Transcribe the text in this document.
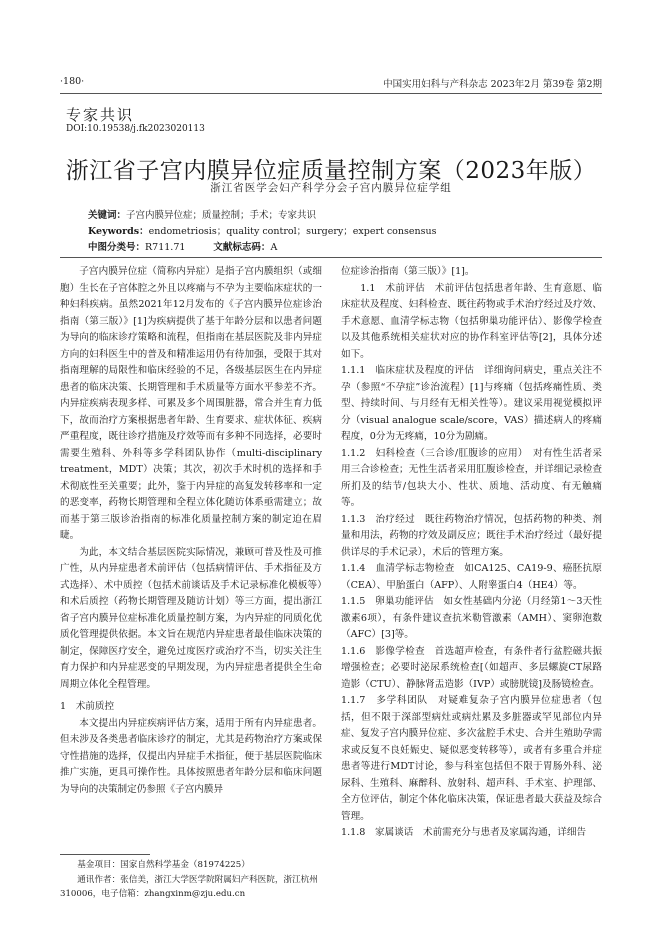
·180·	中国实用妇科与产科杂志 2023年2月 第39卷 第2期
专家共识
DOI:10.19538/j.fk2023020113
浙江省子宫内膜异位症质量控制方案（2023年版）
浙江省医学会妇产科学分会子宫内膜异位症学组
关键词：子宫内膜异位症；质量控制；手术；专家共识
Keywords：endometriosis；quality control；surgery；expert consensus
中图分类号：R711.71	文献标志码：A

子宫内膜异位症（简称内异症）是指子宫内膜组织（或细胞）生长在子宫体腔之外且以疼痛与不孕为主要临床症状的一种妇科疾病。虽然2021年12月发布的《子宫内膜异位症诊治指南（第三版）》[1]为疾病提供了基于年龄分层和以患者问题为导向的临床诊疗策略和流程，但指南在基层医院及非内异症方向的妇科医生中的普及和精准运用仍有待加强，受限于其对指南理解的局限性和临床经验的不足，各级基层医生在内异症患者的临床决策、长期管理和手术质量等方面水平参差不齐。内异症疾病表现多样、可累及多个周围脏器，常合并生育力低下，故而治疗方案根据患者年龄、生育要求、症状体征、疾病严重程度，既往诊疗措施及疗效等而有多种不同选择，必要时需要生殖科、外科等多学科团队协作（multi-disciplinary treatment，MDT）决策；其次，初次手术时机的选择和手术彻底性至关重要；此外，鉴于内异症的高复发转移率和一定的恶变率，药物长期管理和全程立体化随访体系亟需建立；故而基于第三版诊治指南的标准化质量控制方案的制定迫在眉睫。

为此，本文结合基层医院实际情况，兼顾可普及性及可推广性，从内异症患者术前评估（包括病情评估、手术指征及方式选择）、术中质控（包括术前谈话及手术记录标准化模板等）和术后质控（药物长期管理及随访计划）等三方面，提出浙江省子宫内膜异位症标准化质量控制方案，为内异症的同质化优质化管理提供依据。本文旨在规范内异症患者最佳临床决策的制定，保障医疗安全，避免过度医疗或治疗不当，切实关注生育力保护和内异症恶变的早期发现，为内异症患者提供全生命周期立体化全程管理。

1　术前质控

本文提出内异症疾病评估方案，适用于所有内异症患者。但未涉及各类患者临床诊疗的制定，尤其是药物治疗方案或保守性措施的选择，仅提出内异症手术指征，便于基层医院临床推广实施，更具可操作性。具体按照患者年龄分层和临床问题为导向的决策制定仍参照《子宫内膜异

基金项目：国家自然科学基金（81974225）
通讯作者：张信美，浙江大学医学院附属妇产科医院，浙江杭州 310006，电子信箱：zhangxinm@zju.edu.cn

位症诊治指南（第三版）》[1]。

1.1　术前评估　术前评估包括患者年龄、生育意愿、临床症状及程度、妇科检查、既往药物或手术治疗经过及疗效、手术意愿、血清学标志物（包括卵巢功能评估）、影像学检查以及其他系统相关症状对应的协作科室评估等[2]，具体分述如下。

1.1.1　临床症状及程度的评估　详细询问病史，重点关注不孕（参照“不孕症”诊治流程）[1]与疼痛（包括疼痛性质、类型、持续时间、与月经有无相关性等）。建议采用视觉模拟评分（visual analogue scale/score，VAS）描述病人的疼痛程度，0分为无疼痛，10分为剧痛。

1.1.2　妇科检查（三合诊/肛腹诊的应用）　对有性生活者采用三合诊检查；无性生活者采用肛腹诊检查，并详细记录检查所扪及的结节/包块大小、性状、质地、活动度、有无触痛等。

1.1.3　治疗经过　既往药物治疗情况，包括药物的种类、剂量和用法，药物的疗效及副反应；既往手术治疗经过（最好提供详尽的手术记录），术后的管理方案。

1.1.4　血清学标志物检查　如CA125、CA19-9、癌胚抗原（CEA）、甲胎蛋白（AFP）、人附睾蛋白4（HE4）等。

1.1.5　卵巢功能评估　如女性基础内分泌（月经第1～3天性激素6项），有条件建议查抗米勒管激素（AMH）、窦卵泡数（AFC）[3]等。

1.1.6　影像学检查　首选超声检查，有条件者行盆腔磁共振增强检查；必要时泌尿系统检查[（如超声、多层螺旋CT尿路造影（CTU）、静脉肾盂造影（IVP）或膀胱镜]及肠镜检查。

1.1.7　多学科团队　对疑难复杂子宫内膜异位症患者（包括，但不限于深部型病灶或病灶累及多脏器或罕见部位内异症、复发子宫内膜异位症、多次盆腔手术史、合并生殖助孕需求或反复不良妊娠史、疑似恶变转移等），或者有多重合并症患者等进行MDT讨论，参与科室包括但不限于胃肠外科、泌尿科、生殖科、麻醉科、放射科、超声科、手术室、护理部、全方位评估，制定个体化临床决策，保证患者最大获益及综合管理。

1.1.8　家属谈话　术前需充分与患者及家属沟通，详细告
